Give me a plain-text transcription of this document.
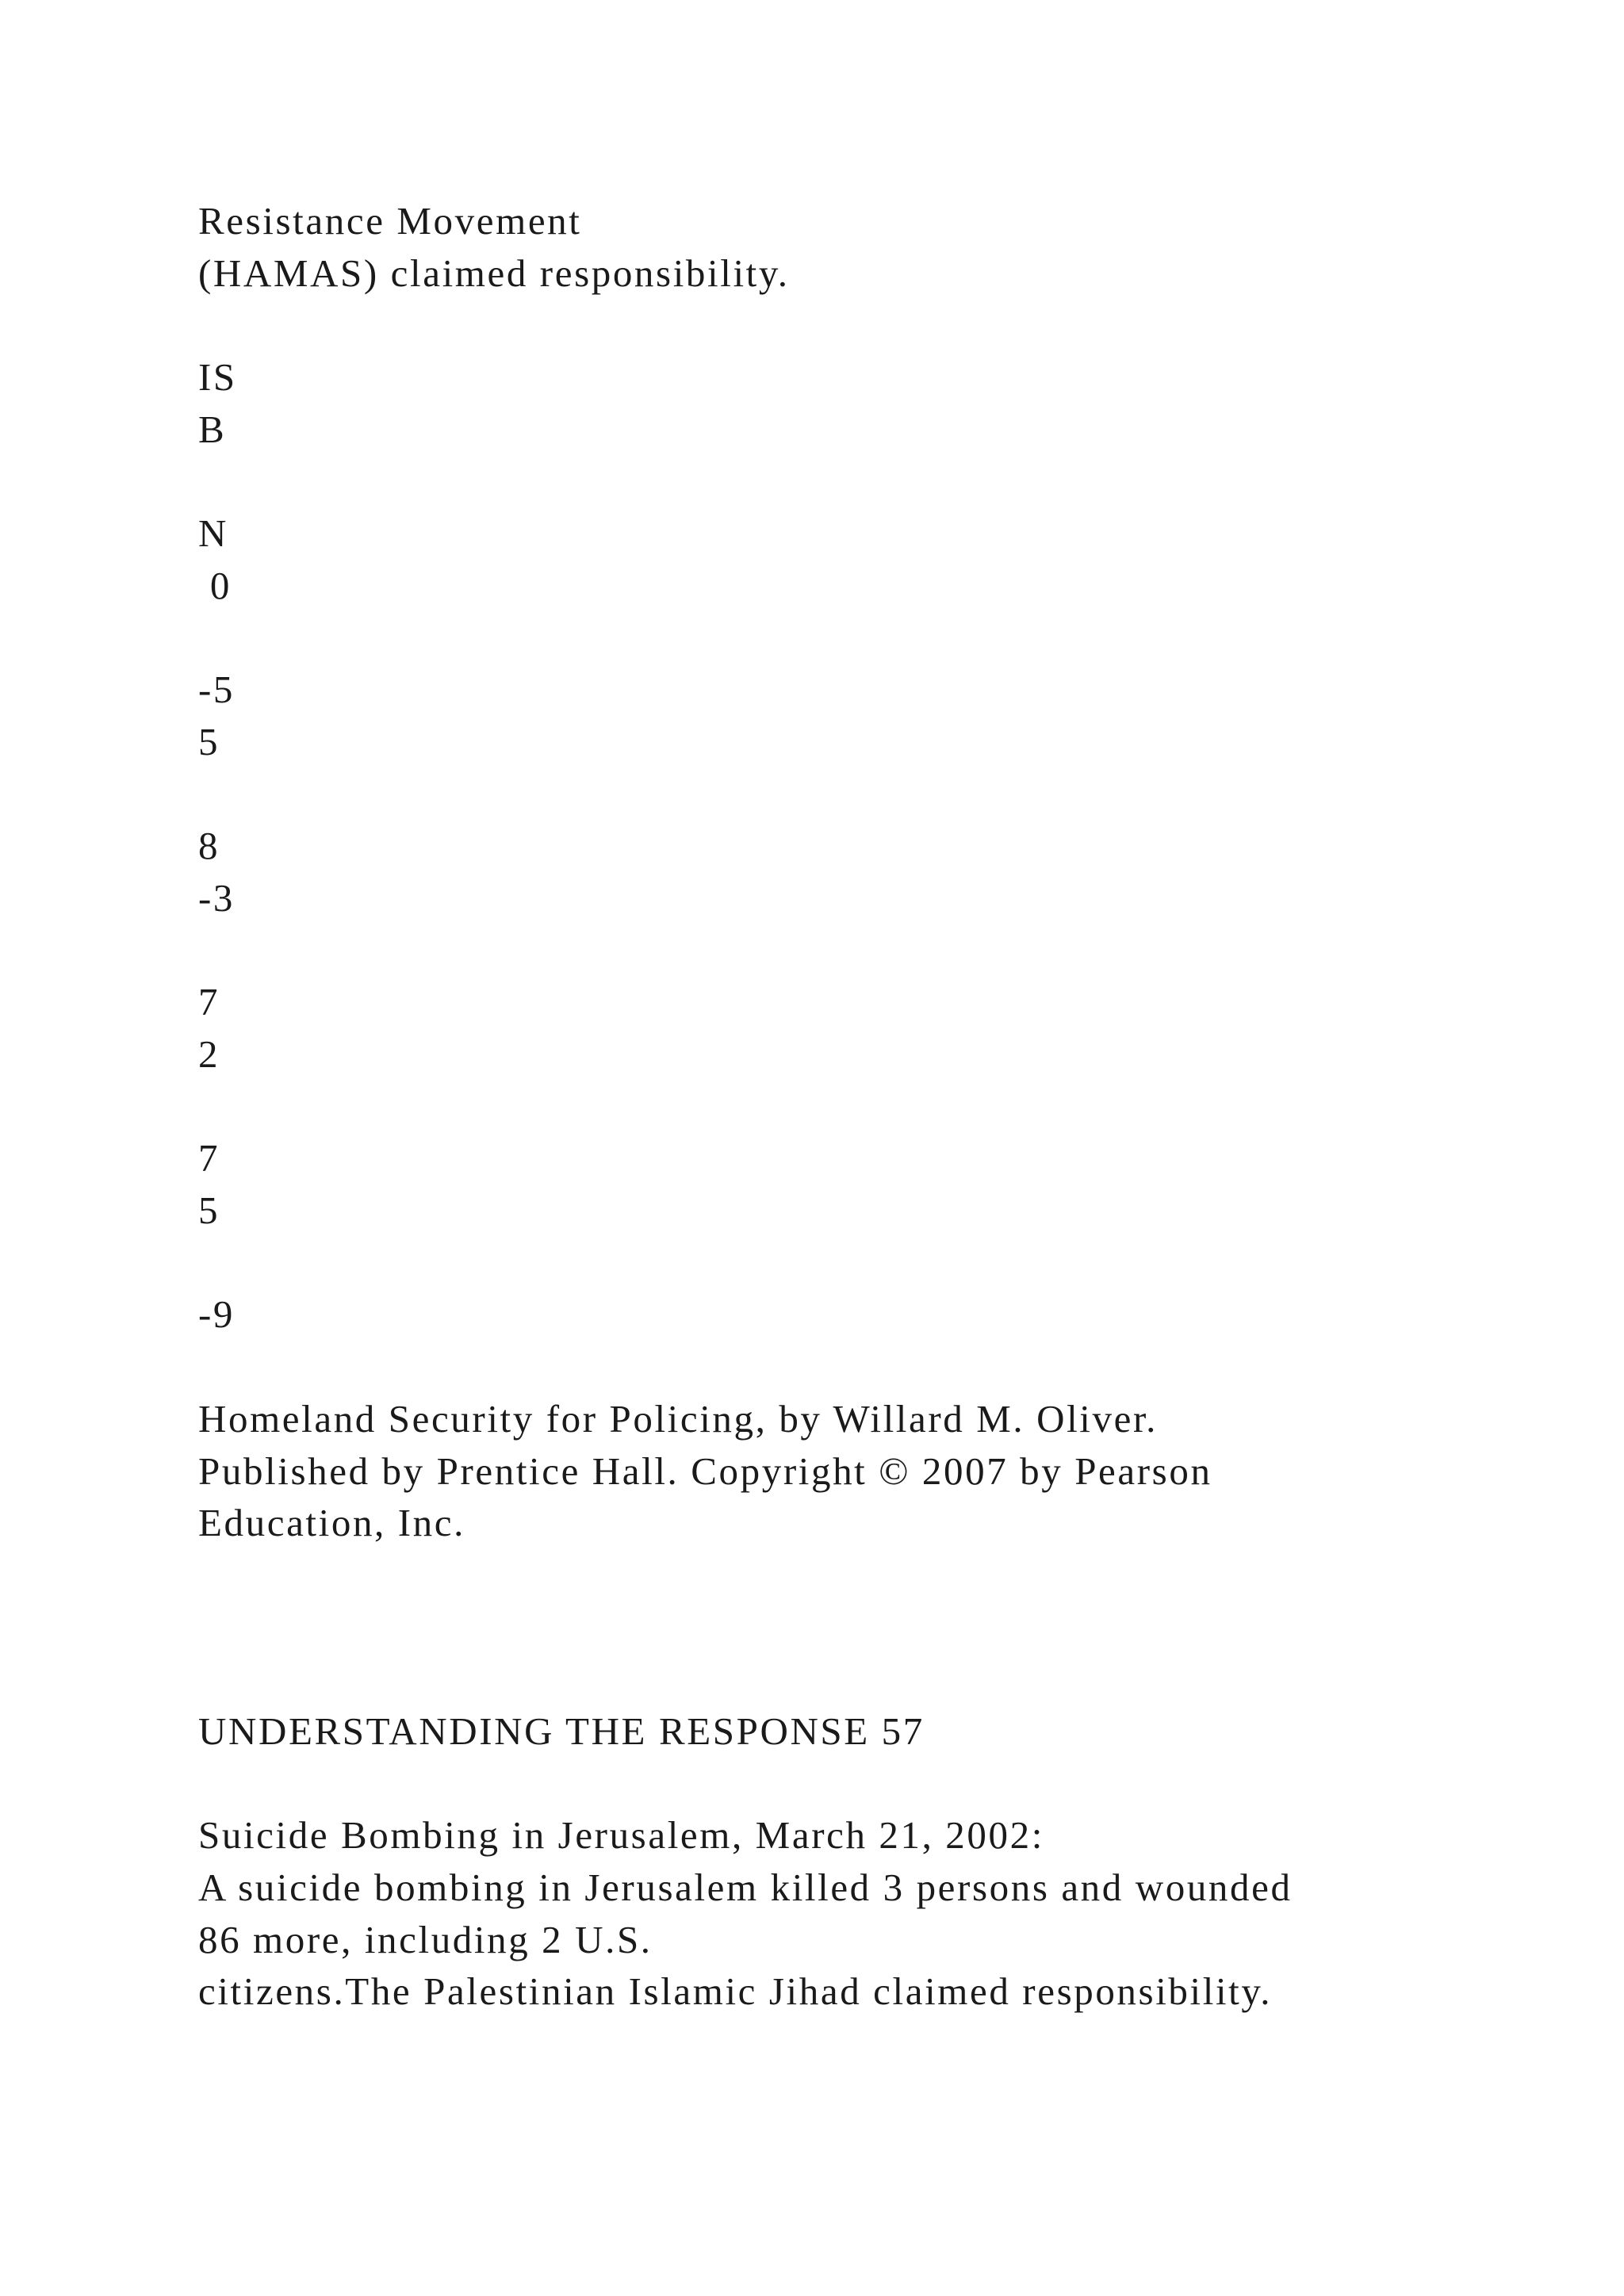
Resistance Movement
(HAMAS) claimed responsibility.
IS
B
N
0
-5
5
8
-3
7
2
7
5
-9
Homeland Security for Policing, by Willard M. Oliver.
Published by Prentice Hall. Copyright © 2007 by Pearson
Education, Inc.
UNDERSTANDING THE RESPONSE 57
Suicide Bombing in Jerusalem, March 21, 2002:
A suicide bombing in Jerusalem killed 3 persons and wounded
86 more, including 2 U.S.
citizens.The Palestinian Islamic Jihad claimed responsibility.
